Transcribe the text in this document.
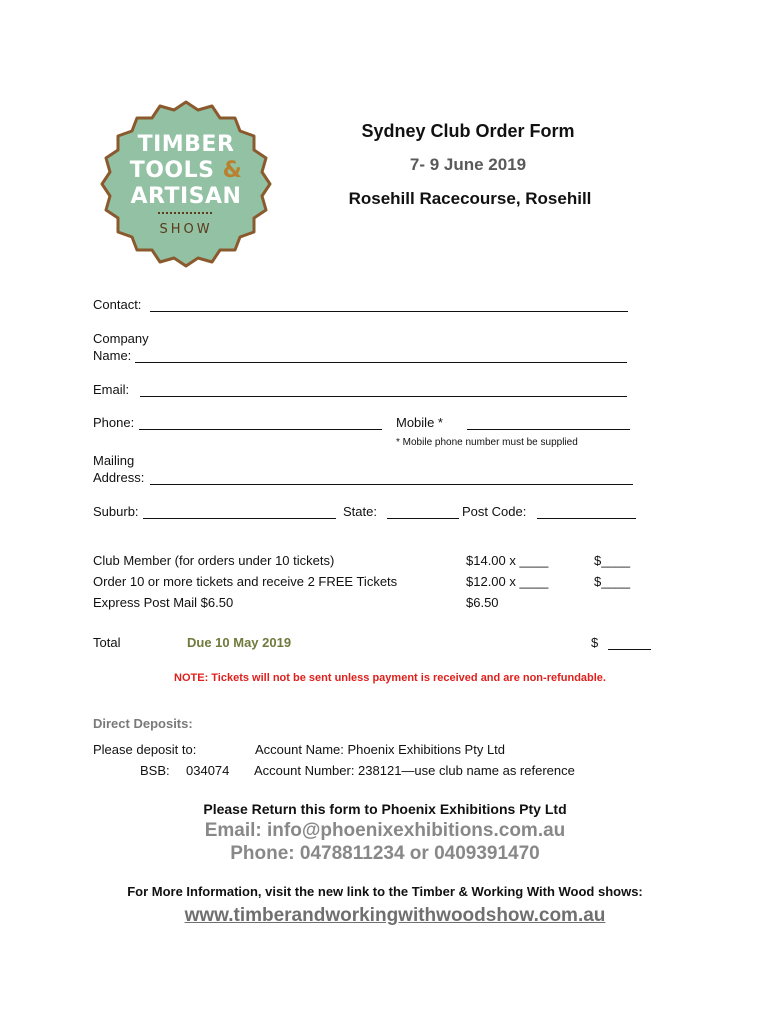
TIMBER
TOOLS &
ARTISAN
SHOW
Sydney Club Order Form
7- 9 June 2019
Rosehill Racecourse, Rosehill
Contact:
Company
Name:
Email:
Phone:	Mobile *
* Mobile phone number must be supplied
Mailing
Address:
Suburb:	State:	Post Code:
Club Member (for orders under 10 tickets)	$14.00 x ____	$____
Order 10 or more tickets and receive 2 FREE Tickets	$12.00 x ____	$____
Express Post Mail $6.50	$6.50
Total	Due 10 May 2019	$
NOTE: Tickets will not be sent unless payment is received and are non-refundable.
Direct Deposits:
Please deposit to:	Account Name: Phoenix Exhibitions Pty Ltd
BSB: 034074 Account Number: 238121—use club name as reference
Please Return this form to Phoenix Exhibitions Pty Ltd
Email: info@phoenixexhibitions.com.au
Phone: 0478811234 or 0409391470
For More Information, visit the new link to the Timber & Working With Wood shows:
www.timberandworkingwithwoodshow.com.au
